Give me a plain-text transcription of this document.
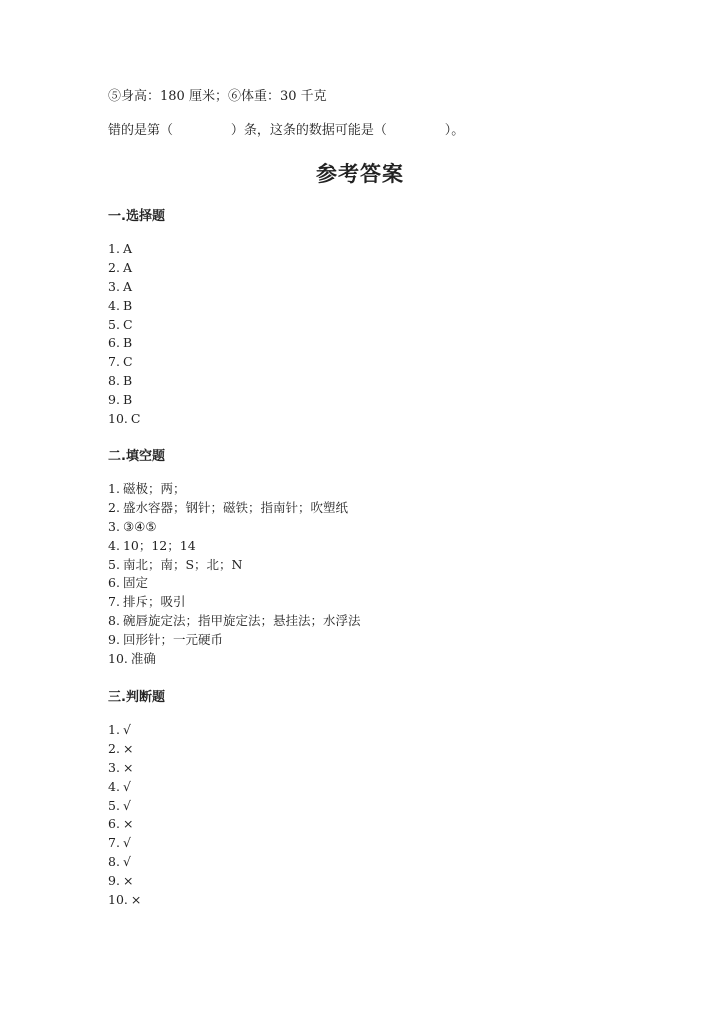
⑤身高：180 厘米；⑥体重：30 千克
错的是第（              ）条，这条的数据可能是（              ）。
参考答案
一.选择题
1. A
2. A
3. A
4. B
5. C
6. B
7. C
8. B
9. B
10. C
二.填空题
1. 磁极；两；
2. 盛水容器；钢针；磁铁；指南针；吹塑纸
3. ③④⑤
4. 10；12；14
5. 南北；南；S；北；N
6. 固定
7. 排斥；吸引
8. 碗唇旋定法；指甲旋定法；悬挂法；水浮法
9. 回形针；一元硬币
10. 准确
三.判断题
1. √
2. ×
3. ×
4. √
5. √
6. ×
7. √
8. √
9. ×
10. ×
